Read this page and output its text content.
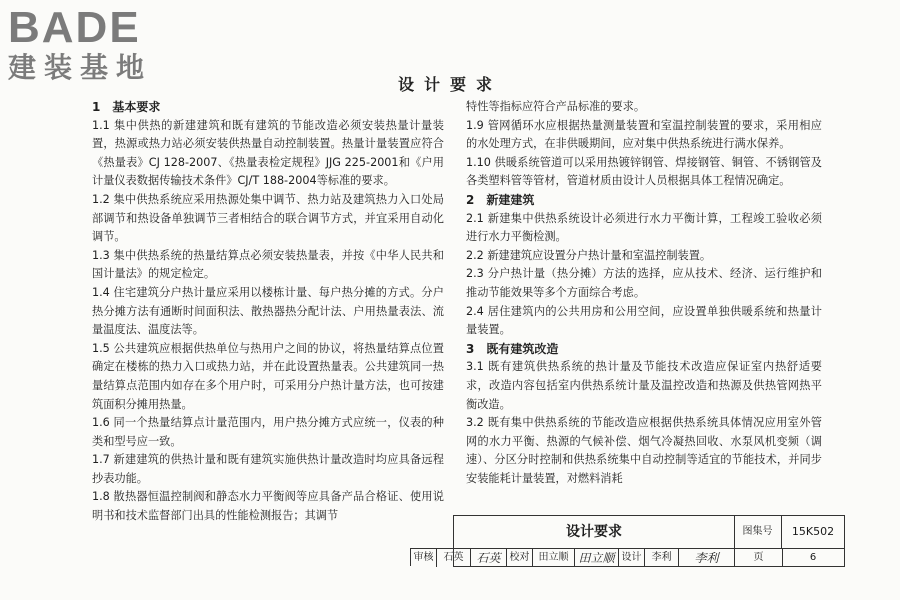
BADE
建装基地
设计要求

1　基本要求

1.1 集中供热的新建建筑和既有建筑的节能改造必须安装热量计量装置，热源或热力站必须安装供热量自动控制装置。热量计量装置应符合《热量表》CJ 128-2007、《热量表检定规程》JJG 225-2001和《户用计量仪表数据传输技术条件》CJ/T 188-2004等标准的要求。

1.2 集中供热系统应采用热源处集中调节、热力站及建筑热力入口处局部调节和热设备单独调节三者相结合的联合调节方式，并宜采用自动化调节。

1.3 集中供热系统的热量结算点必须安装热量表，并按《中华人民共和国计量法》的规定检定。

1.4 住宅建筑分户热计量应采用以楼栋计量、每户热分摊的方式。分户热分摊方法有通断时间面积法、散热器热分配计法、户用热量表法、流量温度法、温度法等。

1.5 公共建筑应根据供热单位与热用户之间的协议，将热量结算点位置确定在楼栋的热力入口或热力站，并在此设置热量表。公共建筑同一热量结算点范围内如存在多个用户时，可采用分户热计量方法，也可按建筑面积分摊用热量。

1.6 同一个热量结算点计量范围内，用户热分摊方式应统一，仪表的种类和型号应一致。

1.7 新建建筑的供热计量和既有建筑实施供热计量改造时均应具备远程抄表功能。

1.8 散热器恒温控制阀和静态水力平衡阀等应具备产品合格证、使用说明书和技术监督部门出具的性能检测报告；其调节

特性等指标应符合产品标准的要求。

1.9 管网循环水应根据热量测量装置和室温控制装置的要求，采用相应的水处理方式，在非供暖期间，应对集中供热系统进行满水保养。

1.10 供暖系统管道可以采用热镀锌钢管、焊接钢管、铜管、不锈钢管及各类塑料管等管材，管道材质由设计人员根据具体工程情况确定。

2　新建建筑

2.1 新建集中供热系统设计必须进行水力平衡计算，工程竣工验收必须进行水力平衡检测。

2.2 新建建筑应设置分户热计量和室温控制装置。

2.3 分户热计量（热分摊）方法的选择，应从技术、经济、运行维护和推动节能效果等多个方面综合考虑。

2.4 居住建筑内的公共用房和公用空间，应设置单独供暖系统和热量计量装置。

3　既有建筑改造

3.1 既有建筑供热系统的热计量及节能技术改造应保证室内热舒适要求，改造内容包括室内供热系统计量及温控改造和热源及供热管网热平衡改造。

3.2 既有集中供热系统的节能改造应根据供热系统具体情况应用室外管网的水力平衡、热源的气候补偿、烟气冷凝热回收、水泵风机变频（调速）、分区分时控制和供热系统集中自动控制等适宜的节能技术，并同步安装能耗计量装置，对燃料消耗

设计要求	图集号	15K502
审核	石英	石英 校对 田立顺 田立顺 设计	李利	李利	页	6
